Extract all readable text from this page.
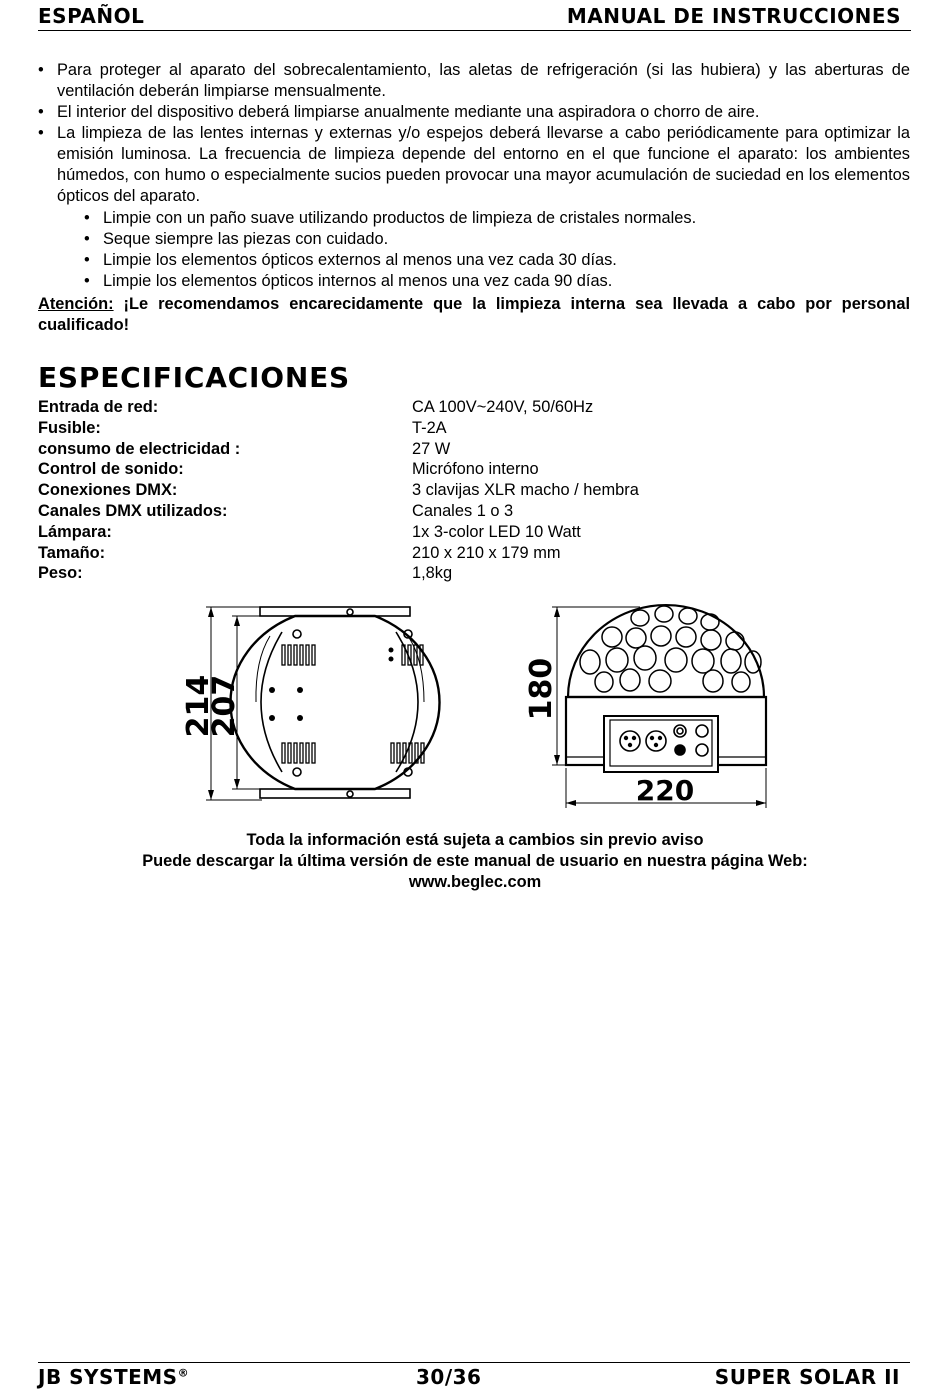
ESPAÑOL	MANUAL DE INSTRUCCIONES
• Para proteger al aparato del sobrecalentamiento, las aletas de refrigeración (si las hubiera) y las aberturas de ventilación deberán limpiarse mensualmente.
• El interior del dispositivo deberá limpiarse anualmente mediante una aspiradora o chorro de aire.
• La limpieza de las lentes internas y externas y/o espejos deberá llevarse a cabo periódicamente para optimizar la emisión luminosa. La frecuencia de limpieza depende del entorno en el que funcione el aparato: los ambientes húmedos, con humo o especialmente sucios pueden provocar una mayor acumulación de suciedad en los elementos ópticos del aparato.
• Limpie con un paño suave utilizando productos de limpieza de cristales normales.
• Seque siempre las piezas con cuidado.
• Limpie los elementos ópticos externos al menos una vez cada 30 días.
• Limpie los elementos ópticos internos al menos una vez cada 90 días.
Atención: ¡Le recomendamos encarecidamente que la limpieza interna sea llevada a cabo por personal cualificado!
ESPECIFICACIONES
Entrada de red:	CA 100V~240V, 50/60Hz
Fusible:	T-2A
consumo de electricidad :	27 W
Control de sonido:	Micrófono interno
Conexiones DMX:	3 clavijas XLR macho / hembra
Canales DMX utilizados:	Canales 1 o 3
Lámpara:	1x 3-color LED 10 Watt
Tamaño:	210 x 210 x 179 mm
Peso:	1,8kg
214
207	180
220
Toda la información está sujeta a cambios sin previo aviso
Puede descargar la última versión de este manual de usuario en nuestra página Web:
www.beglec.com
JB SYSTEMS®	30/36	SUPER SOLAR II
